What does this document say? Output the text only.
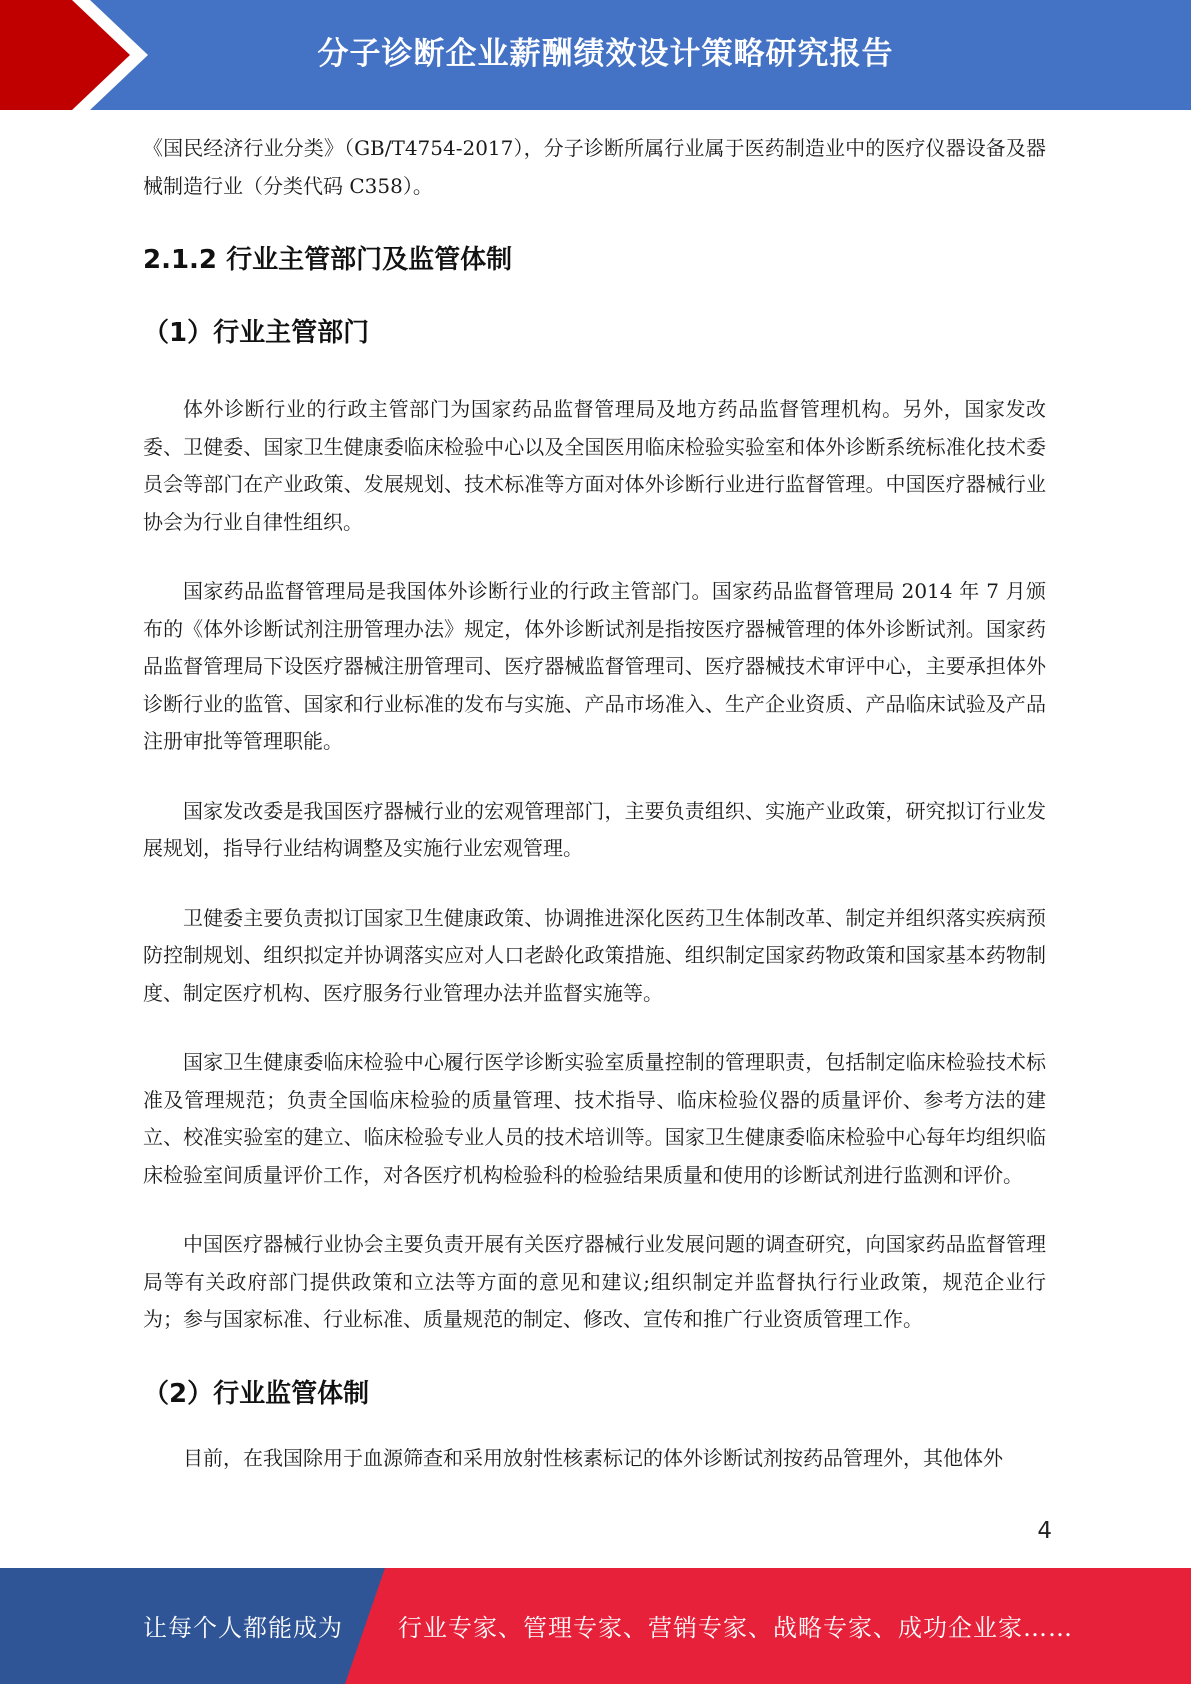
分子诊断企业薪酬绩效设计策略研究报告

《国民经济行业分类》（GB/T4754-2017），分子诊断所属行业属于医药制造业中的医疗仪器设备及器械制造行业（分类代码 C358）。

2.1.2 行业主管部门及监管体制
（1）行业主管部门

体外诊断行业的行政主管部门为国家药品监督管理局及地方药品监督管理机构。另外，国家发改委、卫健委、国家卫生健康委临床检验中心以及全国医用临床检验实验室和体外诊断系统标准化技术委员会等部门在产业政策、发展规划、技术标准等方面对体外诊断行业进行监督管理。中国医疗器械行业协会为行业自律性组织。

国家药品监督管理局是我国体外诊断行业的行政主管部门。国家药品监督管理局 2014 年 7 月颁布的《体外诊断试剂注册管理办法》规定，体外诊断试剂是指按医疗器械管理的体外诊断试剂。国家药品监督管理局下设医疗器械注册管理司、医疗器械监督管理司、医疗器械技术审评中心，主要承担体外诊断行业的监管、国家和行业标准的发布与实施、产品市场准入、生产企业资质、产品临床试验及产品注册审批等管理职能。

国家发改委是我国医疗器械行业的宏观管理部门，主要负责组织、实施产业政策，研究拟订行业发展规划，指导行业结构调整及实施行业宏观管理。

卫健委主要负责拟订国家卫生健康政策、协调推进深化医药卫生体制改革、制定并组织落实疾病预防控制规划、组织拟定并协调落实应对人口老龄化政策措施、组织制定国家药物政策和国家基本药物制度、制定医疗机构、医疗服务行业管理办法并监督实施等。

国家卫生健康委临床检验中心履行医学诊断实验室质量控制的管理职责，包括制定临床检验技术标准及管理规范；负责全国临床检验的质量管理、技术指导、临床检验仪器的质量评价、参考方法的建立、校准实验室的建立、临床检验专业人员的技术培训等。国家卫生健康委临床检验中心每年均组织临床检验室间质量评价工作，对各医疗机构检验科的检验结果质量和使用的诊断试剂进行监测和评价。

中国医疗器械行业协会主要负责开展有关医疗器械行业发展问题的调查研究，向国家药品监督管理局等有关政府部门提供政策和立法等方面的意见和建议;组织制定并监督执行行业政策，规范企业行为；参与国家标准、行业标准、质量规范的制定、修改、宣传和推广行业资质管理工作。

（2）行业监管体制

目前，在我国除用于血源筛查和采用放射性核素标记的体外诊断试剂按药品管理外，其他体外

4
让每个人都能成为 行业专家、管理专家、营销专家、战略专家、成功企业家……
